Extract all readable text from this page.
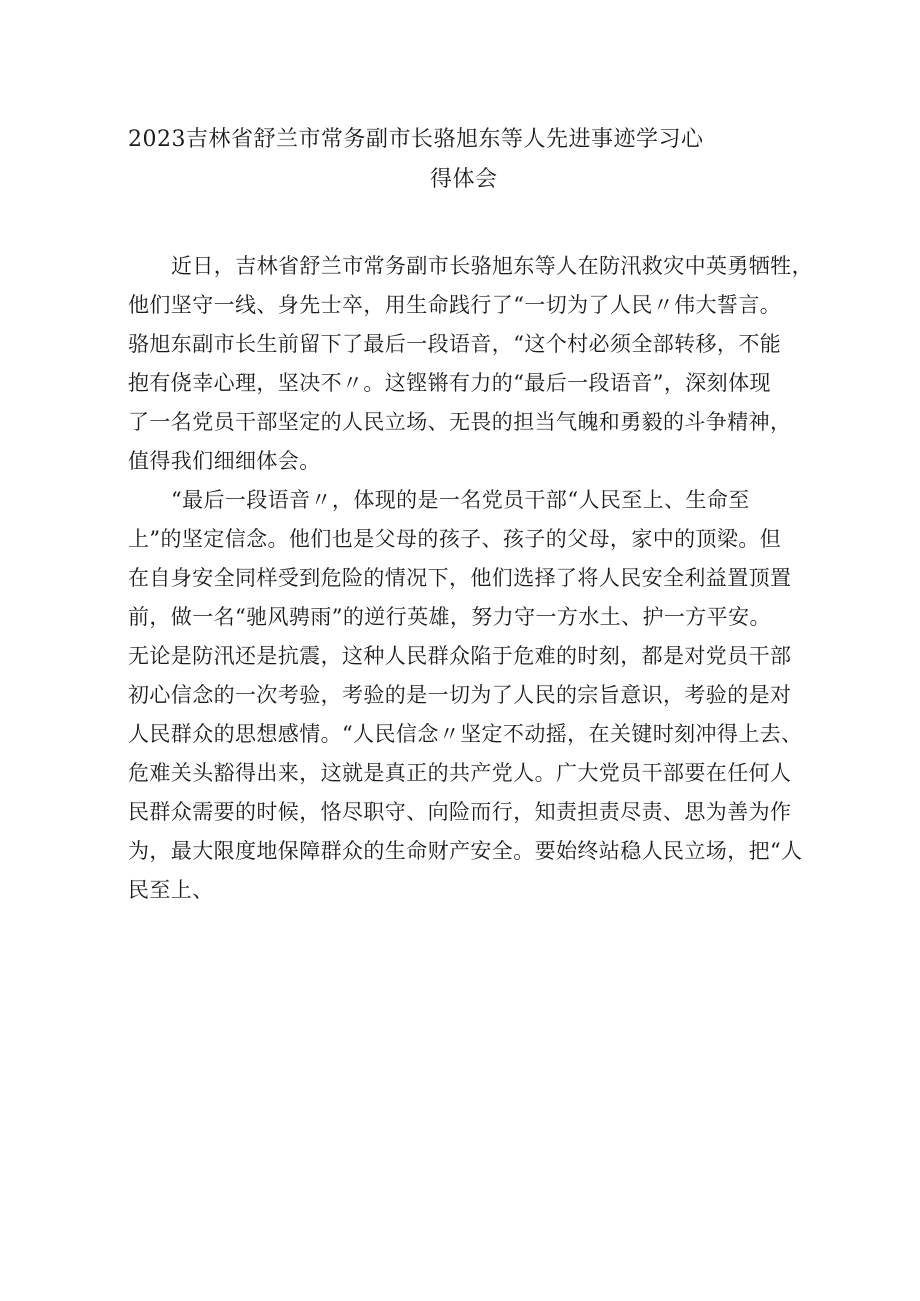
2023吉林省舒兰市常务副市长骆旭东等人先进事迹学习心
得体会

近日，吉林省舒兰市常务副市长骆旭东等人在防汛救灾中英勇牺牲，
他们坚守一线、身先士卒，用生命践行了“一切为了人民〃伟大誓言。
骆旭东副市长生前留下了最后一段语音，“这个村必须全部转移，不能
抱有侥幸心理，坚决不〃。这铿锵有力的“最后一段语音”，深刻体现
了一名党员干部坚定的人民立场、无畏的担当气魄和勇毅的斗争精神，
值得我们细细体会。

“最后一段语音〃，体现的是一名党员干部“人民至上、生命至
上”的坚定信念。他们也是父母的孩子、孩子的父母，家中的顶梁。但
在自身安全同样受到危险的情况下，他们选择了将人民安全利益置顶置
前，做一名“驰风骋雨”的逆行英雄，努力守一方水土、护一方平安。
无论是防汛还是抗震，这种人民群众陷于危难的时刻，都是对党员干部
初心信念的一次考验，考验的是一切为了人民的宗旨意识，考验的是对
人民群众的思想感情。“人民信念〃坚定不动摇，在关键时刻冲得上去、
危难关头豁得出来，这就是真正的共产党人。广大党员干部要在任何人
民群众需要的时候，恪尽职守、向险而行，知责担责尽责、思为善为作
为，最大限度地保障群众的生命财产安全。要始终站稳人民立场，把“人
民至上、
